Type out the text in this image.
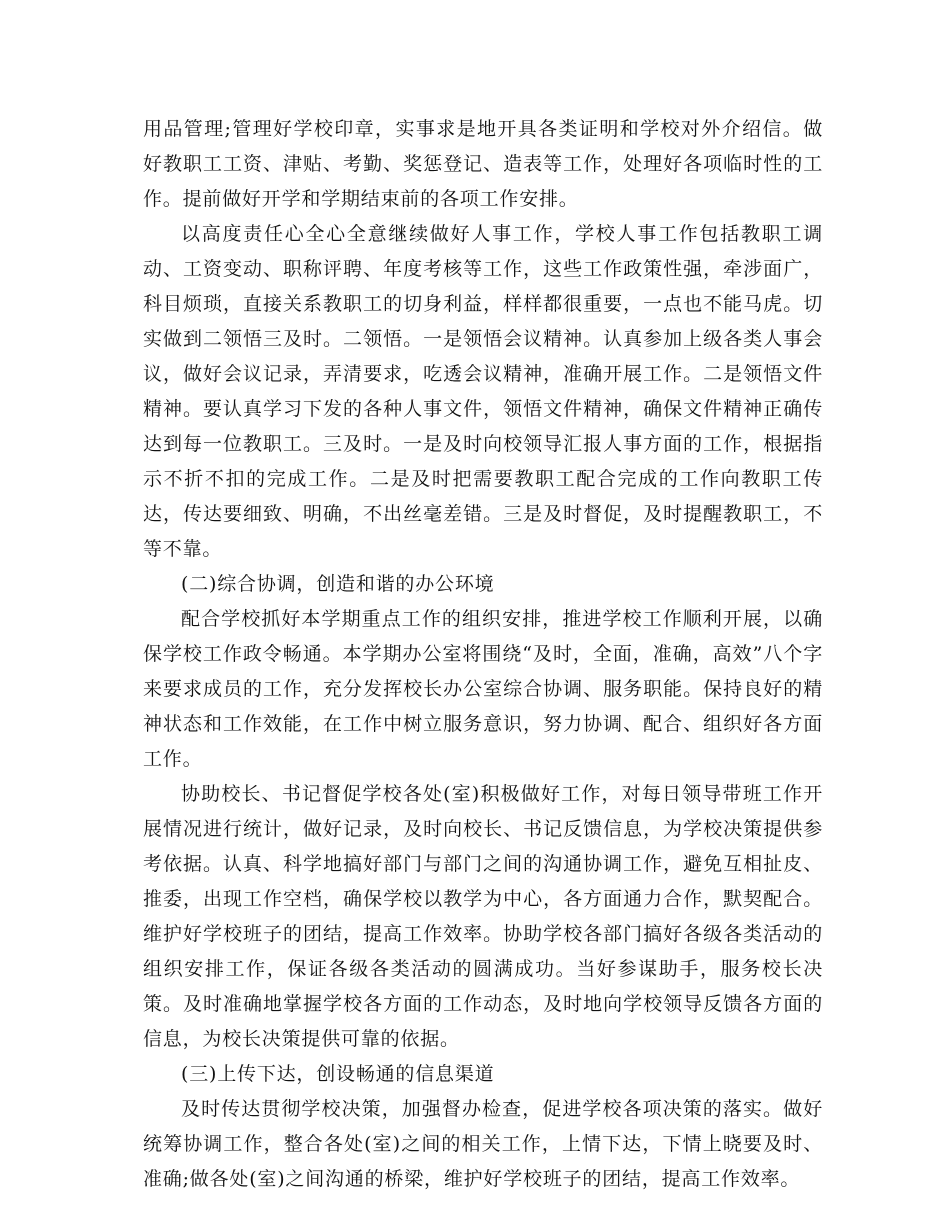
用品管理;管理好学校印章，实事求是地开具各类证明和学校对外介绍信。做好教职工工资、津贴、考勤、奖惩登记、造表等工作，处理好各项临时性的工作。提前做好开学和学期结束前的各项工作安排。

以高度责任心全心全意继续做好人事工作，学校人事工作包括教职工调动、工资变动、职称评聘、年度考核等工作，这些工作政策性强，牵涉面广，科目烦琐，直接关系教职工的切身利益，样样都很重要，一点也不能马虎。切实做到二领悟三及时。二领悟。一是领悟会议精神。认真参加上级各类人事会议，做好会议记录，弄清要求，吃透会议精神，准确开展工作。二是领悟文件精神。要认真学习下发的各种人事文件，领悟文件精神，确保文件精神正确传达到每一位教职工。三及时。一是及时向校领导汇报人事方面的工作，根据指示不折不扣的完成工作。二是及时把需要教职工配合完成的工作向教职工传达，传达要细致、明确，不出丝毫差错。三是及时督促，及时提醒教职工，不等不靠。

(二)综合协调，创造和谐的办公环境

配合学校抓好本学期重点工作的组织安排，推进学校工作顺利开展，以确保学校工作政令畅通。本学期办公室将围绕“及时，全面，准确，高效”八个字来要求成员的工作，充分发挥校长办公室综合协调、服务职能。保持良好的精神状态和工作效能，在工作中树立服务意识，努力协调、配合、组织好各方面工作。

协助校长、书记督促学校各处(室)积极做好工作，对每日领导带班工作开展情况进行统计，做好记录，及时向校长、书记反馈信息，为学校决策提供参考依据。认真、科学地搞好部门与部门之间的沟通协调工作，避免互相扯皮、推委，出现工作空档，确保学校以教学为中心，各方面通力合作，默契配合。维护好学校班子的团结，提高工作效率。协助学校各部门搞好各级各类活动的组织安排工作，保证各级各类活动的圆满成功。当好参谋助手，服务校长决策。及时准确地掌握学校各方面的工作动态，及时地向学校领导反馈各方面的信息，为校长决策提供可靠的依据。

(三)上传下达，创设畅通的信息渠道

及时传达贯彻学校决策，加强督办检查，促进学校各项决策的落实。做好统筹协调工作，整合各处(室)之间的相关工作，上情下达，下情上晓要及时、准确;做各处(室)之间沟通的桥梁，维护好学校班子的团结，提高工作效率。
